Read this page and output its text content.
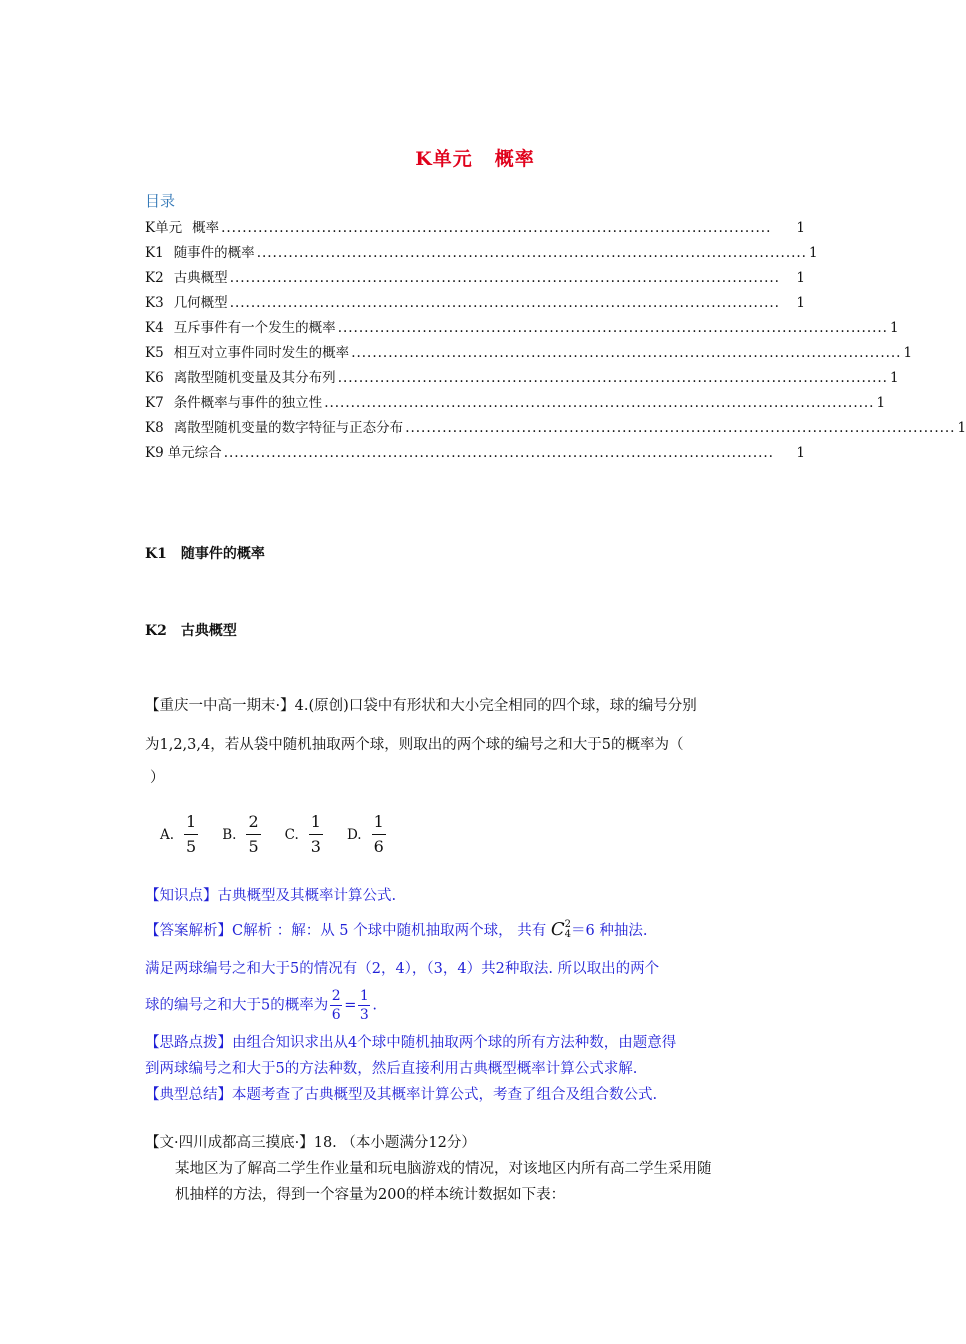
K单元 概率
目录
K单元 概率 ........................................................................................................	1
K1 随事件的概率 ........................................................................................................ 1
K2 古典概型 ........................................................................................................	1
K3 几何概型 ........................................................................................................	1
K4 互斥事件有一个发生的概率 ........................................................................................................ 1
K5 相互对立事件同时发生的概率 ........................................................................................................ 1
K6 离散型随机变量及其分布列 ........................................................................................................ 1
K7 条件概率与事件的独立性 ........................................................................................................ 1
K8 离散型随机变量的数字特征与正态分布 ........................................................................................................ 1
K9 单元综合 ........................................................................................................	1
K1 随事件的概率
K2 古典概型
【重庆一中高一期末·】4.(原创)口袋中有形状和大小完全相同的四个球，球的编号分别
为1,2,3,4，若从袋中随机抽取两个球，则取出的两个球的编号之和大于5的概率为（
）
A. $\frac{1}{5} B$. $\frac{2}{5} C$. $\frac{1}{3} D$. $\frac{1}{6}$
【知识点】古典概型及其概率计算公式.
【答案解析】C解析 ：解：从 5 个球中随机抽取两个球， 共有 C 2
4 ＝6 种抽法.
满足两球编号之和大于5的情况有（2，4），（3，4）共2种取法. 所以取出的两个
球的编号之和大于5的概率为 $\frac{2}{6} = \frac{1}{3}$ .
【思路点拨】由组合知识求出从4个球中随机抽取两个球的所有方法种数，由题意得
到两球编号之和大于5的方法种数，然后直接利用古典概型概率计算公式求解.
【典型总结】本题考查了古典概型及其概率计算公式，考查了组合及组合数公式.
【文·四川成都高三摸底·】18. （本小题满分12分）
某地区为了解高二学生作业量和玩电脑游戏的情况，对该地区内所有高二学生采用随
机抽样的方法，得到一个容量为200的样本统计数据如下表：
